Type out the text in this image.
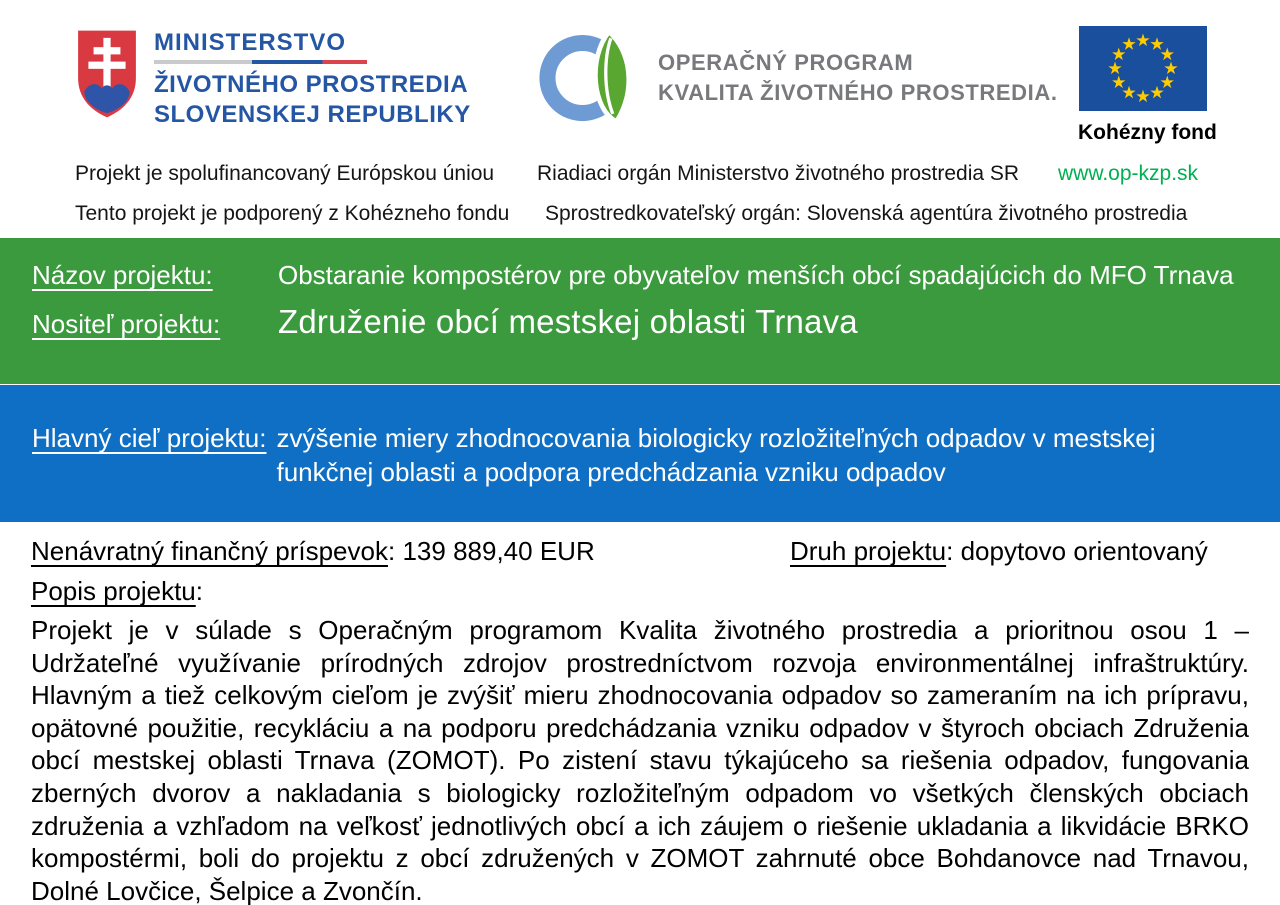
MINISTERSTVO
ŽIVOTNÉHO PROSTREDIA
SLOVENSKEJ REPUBLIKY
OPERAČNÝ PROGRAM
KVALITA ŽIVOTNÉHO PROSTREDIA.
Kohézny fond
Projekt je spolufinancovaný Európskou úniou Riadiaci orgán Ministerstvo životného prostredia SR www.op-kzp.sk
Tento projekt je podporený z Kohézneho fondu Sprostredkovateľský orgán: Slovenská agentúra životného prostredia
Názov projektu:	Obstaranie kompostérov pre obyvateľov menších obcí spadajúcich do MFO Trnava
Nositeľ projektu:	Združenie obcí mestskej oblasti Trnava
Hlavný cieľ projektu: zvýšenie miery zhodnocovania biologicky rozložiteľných odpadov v mestskej funkčnej oblasti a podpora predchádzania vzniku odpadov
Nenávratný finančný príspevok: 139 889,40 EUR	Druh projektu: dopytovo orientovaný
Popis projektu:

Projekt je v súlade s Operačným programom Kvalita životného prostredia a prioritnou osou 1 – Udržateľné využívanie prírodných zdrojov prostredníctvom rozvoja environmentálnej infraštruktúry. Hlavným a tiež celkovým cieľom je zvýšiť mieru zhodnocovania odpadov so zameraním na ich prípravu, opätovné použitie, recykláciu a na podporu predchádzania vzniku odpadov v štyroch obciach Združenia obcí mestskej oblasti Trnava (ZOMOT). Po zistení stavu týkajúceho sa riešenia odpadov, fungovania zberných dvorov a nakladania s biologicky rozložiteľným odpadom vo všetkých členských obciach združenia a vzhľadom na veľkosť jednotlivých obcí a ich záujem o riešenie ukladania a likvidácie BRKO kompostérmi, boli do projektu z obcí združených v ZOMOT zahrnuté obce Bohdanovce nad Trnavou, Dolné Lovčice, Šelpice a Zvončín.
